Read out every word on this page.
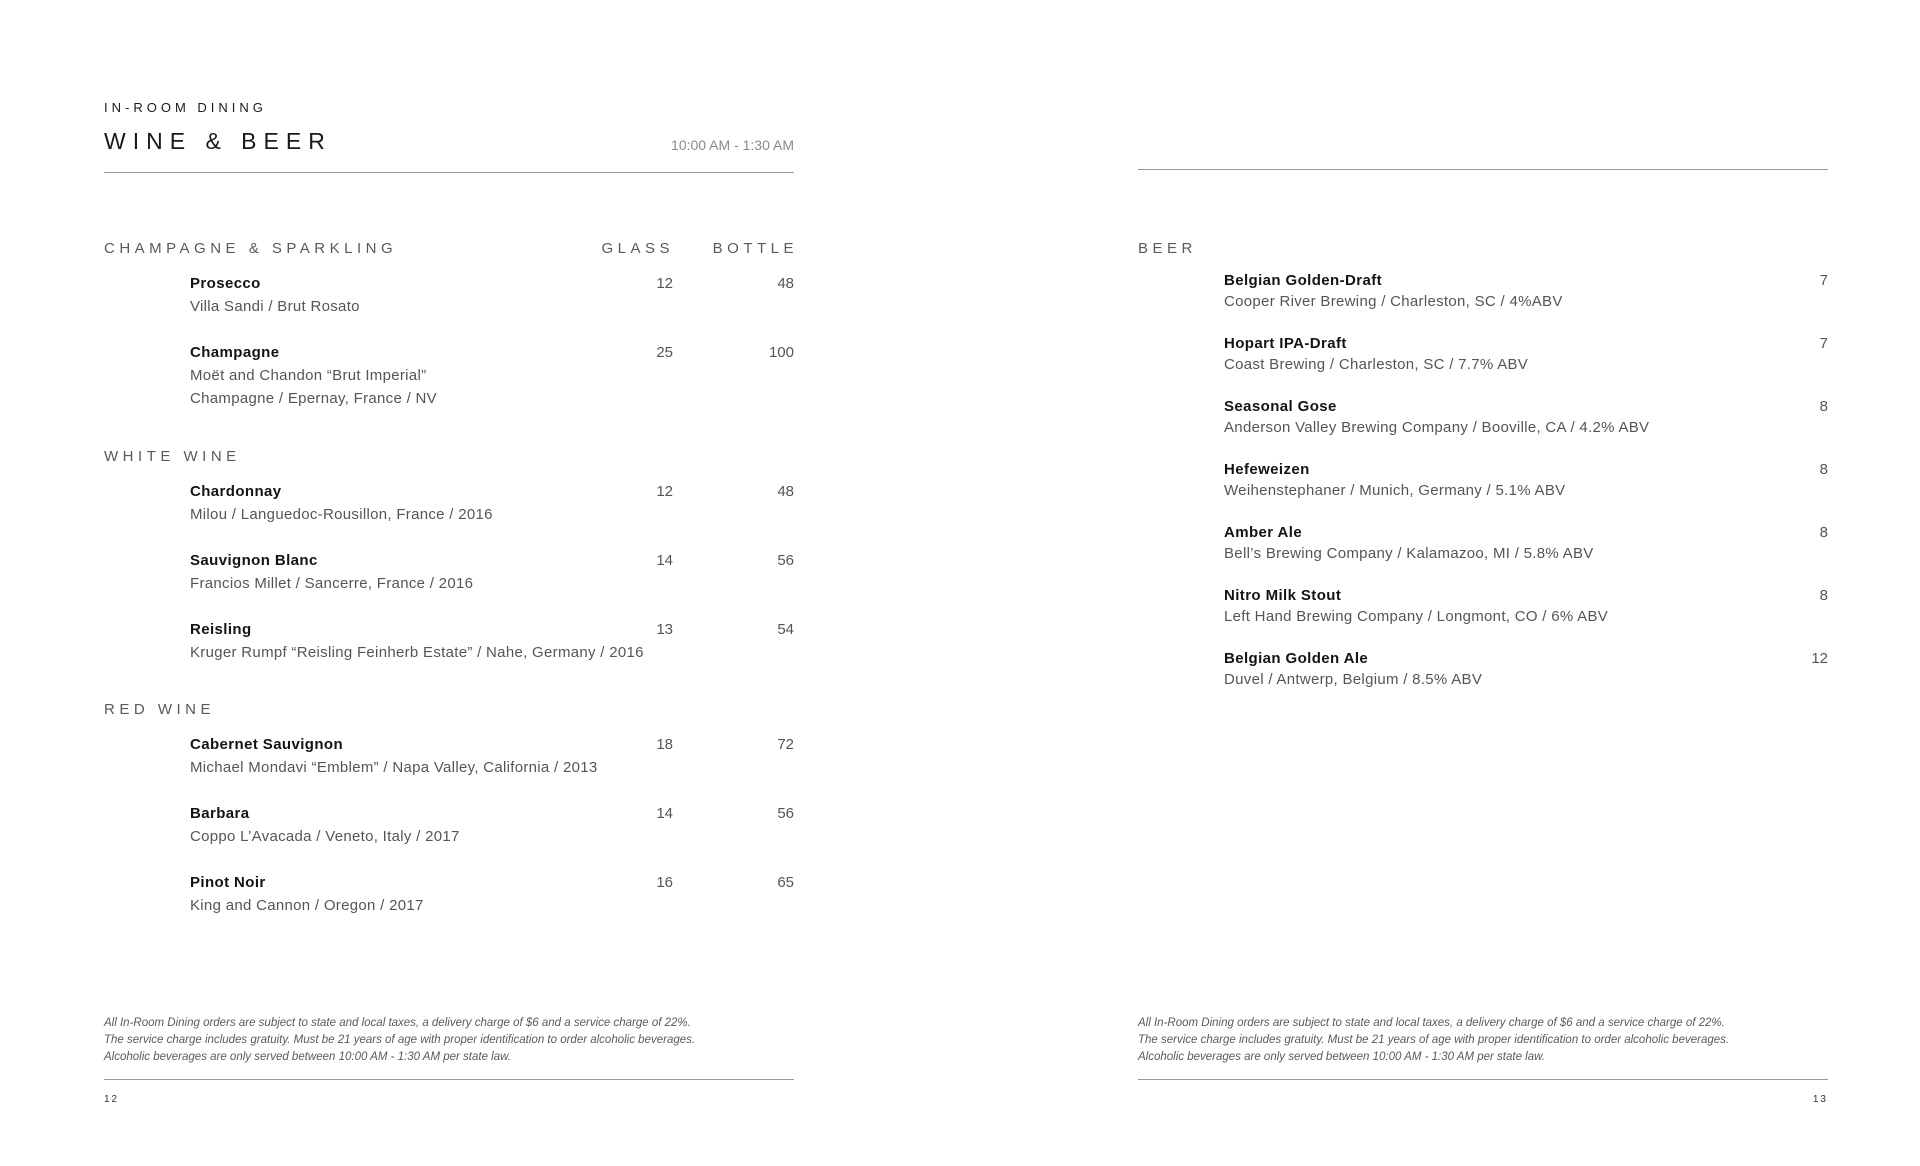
IN-ROOM DINING
WINE & BEER	10:00 AM - 1:30 AM
CHAMPAGNE & SPARKLING	GLASS	BOTTLE
Prosecco
Villa Sandi / Brut Rosato
12	48
Champagne
Moët and Chandon “Brut Imperial”
Champagne / Epernay, France / NV
25	100
WHITE WINE
Chardonnay
Milou / Languedoc-Rousillon, France / 2016
12	48
Sauvignon Blanc
Francios Millet / Sancerre, France / 2016
14	56
Reisling
Kruger Rumpf “Reisling Feinherb Estate” / Nahe, Germany / 2016
13	54
RED WINE
Cabernet Sauvignon
Michael Mondavi “Emblem” / Napa Valley, California / 2013
18	72
Barbara
Coppo L’Avacada / Veneto, Italy / 2017
14	56
Pinot Noir
King and Cannon / Oregon / 2017
16	65
All In-Room Dining orders are subject to state and local taxes, a delivery charge of $6 and a service charge of 22%.
The service charge includes gratuity. Must be 21 years of age with proper identification to order alcoholic beverages.
Alcoholic beverages are only served between 10:00 AM - 1:30 AM per state law.
12
BEER
Belgian Golden-Draft
Cooper River Brewing / Charleston, SC / 4%ABV
7
Hopart IPA-Draft
Coast Brewing / Charleston, SC / 7.7% ABV
7
Seasonal Gose
Anderson Valley Brewing Company / Booville, CA / 4.2% ABV
8
Hefeweizen
Weihenstephaner / Munich, Germany / 5.1% ABV
8
Amber Ale
Bell’s Brewing Company / Kalamazoo, MI / 5.8% ABV
8
Nitro Milk Stout
Left Hand Brewing Company / Longmont, CO / 6% ABV
8
Belgian Golden Ale
Duvel / Antwerp, Belgium / 8.5% ABV
12
All In-Room Dining orders are subject to state and local taxes, a delivery charge of $6 and a service charge of 22%.
The service charge includes gratuity. Must be 21 years of age with proper identification to order alcoholic beverages.
Alcoholic beverages are only served between 10:00 AM - 1:30 AM per state law.
13
